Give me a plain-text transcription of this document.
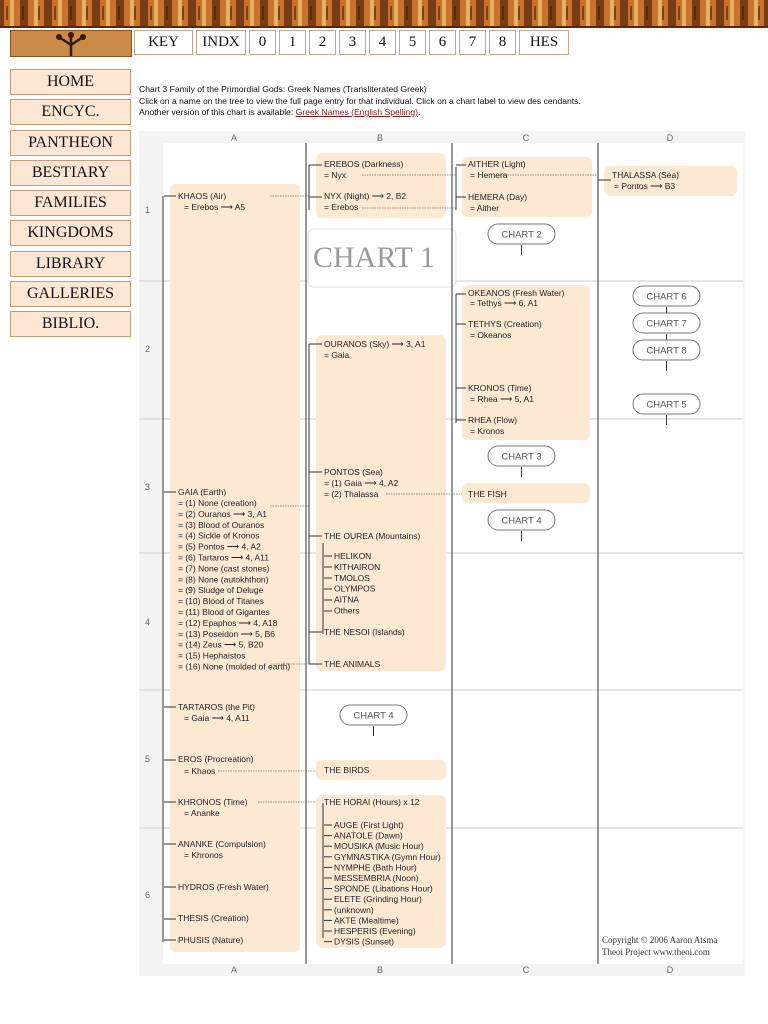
KEY	INDX	0	1	2	3	4	5	6	7	8	HES
HOME
ENCYC.
PANTHEON
BESTIARY
FAMILIES
KINGDOMS
LIBRARY
GALLERIES
BIBLIO.
Chart 3 Family of the Primordial Gods: Greek Names (Transliterated Greek)
Click on a name on the tree to view the full page entry for that individual. Click on a chart label to view des cendants.
Another version of this chart is available: Greek Names (English Spelling).
A
A
B
B
C
C
D
D
1
2
3
4
5
6
CHART 1
CHART 2
CHART 6
CHART 7
CHART 8
CHART 5
CHART 3
CHART 4
CHART 4
KHAOS (Air)
= Erebos ⟶ A5
GAIA (Earth)
= (1) None (creation)
= (2) Ouranos ⟶ 3, A1
= (3) Blood of Ouranos
= (4) Sickle of Kronos
= (5) Pontos ⟶ 4, A2
= (6) Tartaros ⟶ 4, A11
= (7) None (cast stones)
= (8) None (autokhthon)
= (9) Sludge of Deluge
= (10) Blood of Titanes
= (11) Blood of Gigantes
= (12) Epaphos ⟶ 4, A18
= (13) Poseidon ⟶ 5, B6
= (14) Zeus ⟶ 5, B20
= (15) Hephaistos
= (16) None (molded of earth)
TARTAROS (the Pit)
= Gaia ⟶ 4, A11
EROS (Procreation)
= Khaos
KHRONOS (Time)
= Ananke
ANANKE (Compulsion)
= Khronos
HYDROS (Fresh Water)
THESIS (Creation)
PHUSIS (Nature)
EREBOS (Darkness)
= Nyx
NYX (Night) ⟶ 2, B2
= Erebos
OURANOS (Sky) ⟶ 3, A1
= Gaia
PONTOS (Sea)
= (1) Gaia ⟶ 4, A2
= (2) Thalassa
THE OUREA (Mountains)
HELIKON
KITHAIRON
TMOLOS
OLYMPOS
AITNA
Others
THE NESOI (Islands)
THE ANIMALS
THE BIRDS
THE HORAI (Hours) x 12
AUGE (First Light)
ANATOLE (Dawn)
MOUSIKA (Music Hour)
GYMNASTIKA (Gymn Hour)
NYMPHE (Bath Hour)
MESSEMBRIA (Noon)
SPONDE (Libations Hour)
ELETE (Grinding Hour)
(unknown)
AKTE (Mealtime)
HESPERIS (Evening)
DYSIS (Sunset)
AITHER (Light)
= Hemera
HEMERA (Day)
= Aither
OKEANOS (Fresh Water)
= Tethys ⟶ 6, A1
TETHYS (Creation)
= Okeanos
KRONOS (Time)
= Rhea ⟶ 5, A1
RHEA (Flow)
= Kronos
THE FISH
THALASSA (Sea)
= Pontos ⟶ B3
Copyright © 2006 Aaron Atsma
Theoi Project www.theoi.com
